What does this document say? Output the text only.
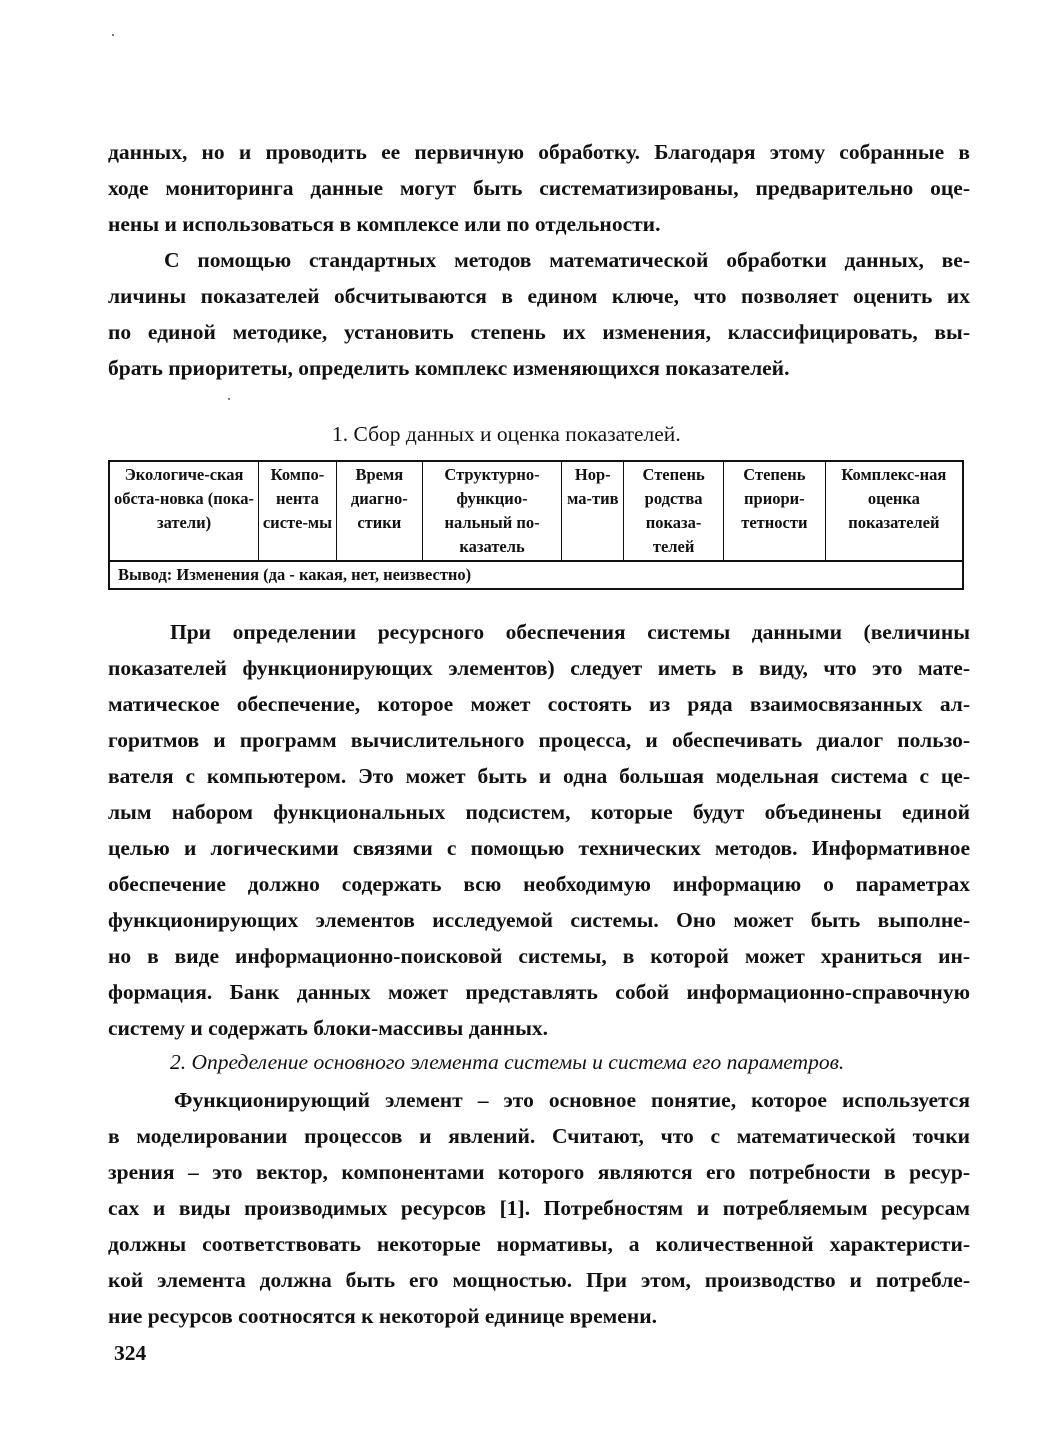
данных, но и проводить ее первичную обработку. Благодаря этому собранные в
ходе мониторинга данные могут быть систематизированы, предварительно оце-
нены и использоваться в комплексе или по отдельности.

С помощью стандартных методов математической обработки данных, ве-
личины показателей обсчитываются в едином ключе, что позволяет оценить их
по единой методике, установить степень их изменения, классифицировать, вы-
брать приоритеты, определить комплекс изменяющихся показателей.

1. Сбор данных и оценка показателей.

Экологиче-ская обста-новка (пока-затели)	Компо-нента систе-мы	Время диагно-стики	Структурно-функцио-нальный по-казатель	Нор-ма-тив	Степень родства показа-телей	Степень приори-тетности	Комплекс-ная оценка показателей
Вывод: Изменения (да - какая, нет, неизвестно)

При определении ресурсного обеспечения системы данными (величины
показателей функционирующих элементов) следует иметь в виду, что это мате-
матическое обеспечение, которое может состоять из ряда взаимосвязанных ал-
горитмов и программ вычислительного процесса, и обеспечивать диалог пользо-
вателя с компьютером. Это может быть и одна большая модельная система с це-
лым набором функциональных подсистем, которые будут объединены единой
целью и логическими связями с помощью технических методов. Информативное
обеспечение должно содержать всю необходимую информацию о параметрах
функционирующих элементов исследуемой системы. Оно может быть выполне-
но в виде информационно-поисковой системы, в которой может храниться ин-
формация. Банк данных может представлять собой информационно-справочную
систему и содержать блоки-массивы данных.

2. Определение основного элемента системы и система его параметров.

Функционирующий элемент – это основное понятие, которое используется
в моделировании процессов и явлений. Считают, что с математической точки
зрения – это вектор, компонентами которого являются его потребности в ресур-
сах и виды производимых ресурсов [1]. Потребностям и потребляемым ресурсам
должны соответствовать некоторые нормативы, а количественной характеристи-
кой элемента должна быть его мощностью. При этом, производство и потребле-
ние ресурсов соотносятся к некоторой единице времени.

324
